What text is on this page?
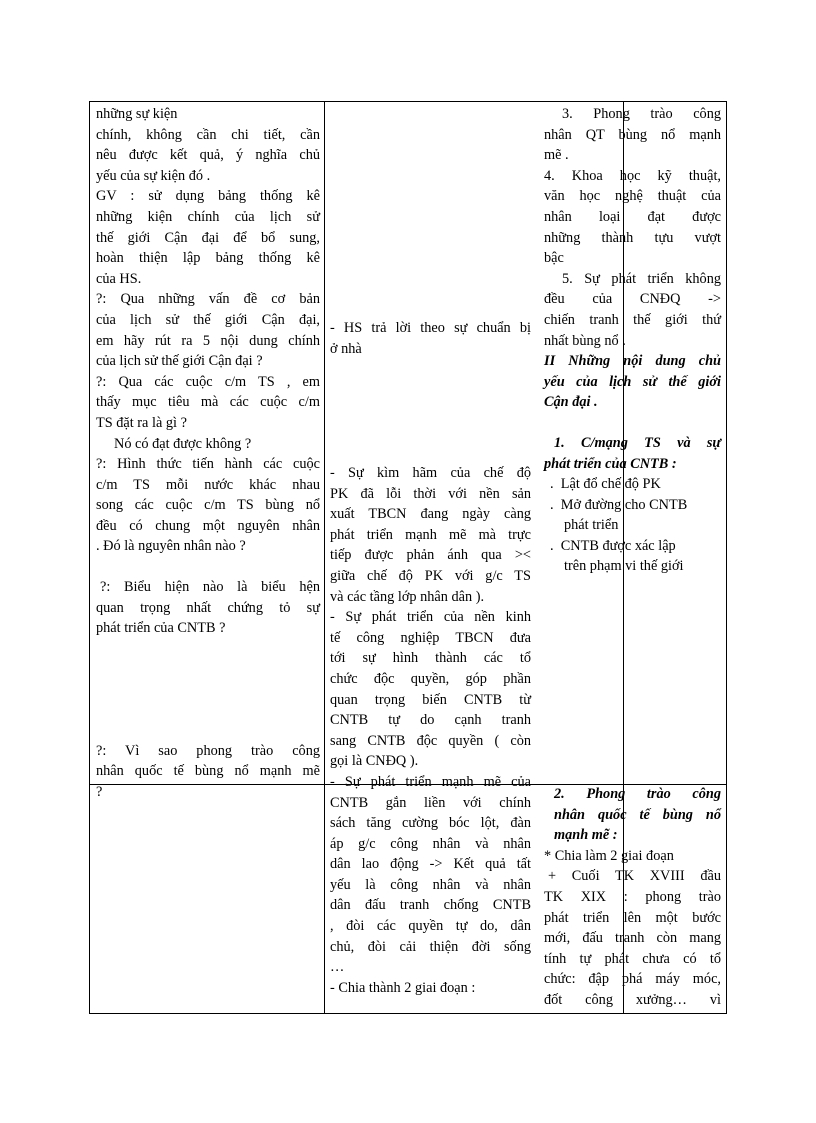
những sự kiện
chính, không cần chi tiết, cần
nêu được kết quả, ý nghĩa chủ
yếu của sự kiện đó .
GV : sử dụng bảng thống kê
những kiện chính của lịch sử
thế giới Cận đại để bổ sung,
hoàn thiện lập bảng thống kê
của HS.
?: Qua những vấn đề cơ bản
của lịch sử thế giới Cận đại,
em hãy rút ra 5 nội dung chính
của lịch sử thế giới Cận đại ?
?: Qua các cuộc c/m TS , em
thấy mục tiêu mà các cuộc c/m
TS đặt ra là gì ?
Nó có đạt được không ?
?: Hình thức tiến hành các cuộc
c/m TS mỗi nước khác nhau
song các cuộc c/m TS bùng nổ
đều có chung một nguyên nhân
. Đó là nguyên nhân nào ?
?: Biểu hiện nào là biểu hện
quan trọng nhất chứng tỏ sự
phát triển của CNTB ?
?: Vì sao phong trào công
nhân quốc tế bùng nổ mạnh mẽ
?
- HS trả lời theo sự chuẩn bị
ở nhà
- Sự kìm hãm của chế độ
PK đã lỗi thời với nền sản
xuất TBCN đang ngày càng
phát triển mạnh mẽ mà trực
tiếp được phản ánh qua ><
giữa chế độ PK với g/c TS
và các tầng lớp nhân dân ).
- Sự phát triển của nền kinh
tế công nghiệp TBCN đưa
tới sự hình thành các tổ
chức độc quyền, góp phần
quan trọng biến CNTB từ
CNTB tự do cạnh tranh
sang CNTB độc quyền ( còn
gọi là CNĐQ ).
- Sự phát triển mạnh mẽ của
CNTB gắn liền với chính
sách tăng cường bóc lột, đàn
áp g/c công nhân và nhân
dân lao động -> Kết quả tất
yếu là công nhân và nhân
dân đấu tranh chống CNTB
, đòi các quyền tự do, dân
chủ, đòi cải thiện đời sống
…
- Chia thành 2 giai đoạn :
3. Phong trào công
nhân QT bùng nổ mạnh
mẽ .
4. Khoa học kỹ thuật,
văn học nghệ thuật của
nhân loại đạt được
những thành tựu vượt
bậc
5. Sự phát triển không
đều của CNĐQ ->
chiến tranh thế giới thứ
nhất bùng nổ .
II Những nội dung chủ
yếu của lịch sử thế giới
Cận đại .
1. C/mạng TS và sự
phát triển của CNTB :
.  Lật đổ chế độ PK
.  Mở đường cho CNTB
phát triển
.  CNTB được xác lập
trên phạm vi thế giới
2. Phong trào công
nhân quốc tế bùng nổ
mạnh mẽ :
* Chia làm 2 giai đoạn
+ Cuối TK XVIII đầu
TK XIX : phong trào
phát triển lên một bước
mới, đấu tranh còn mang
tính tự phát chưa có tổ
chức: đập phá máy móc,
đốt công xưởng… vì
